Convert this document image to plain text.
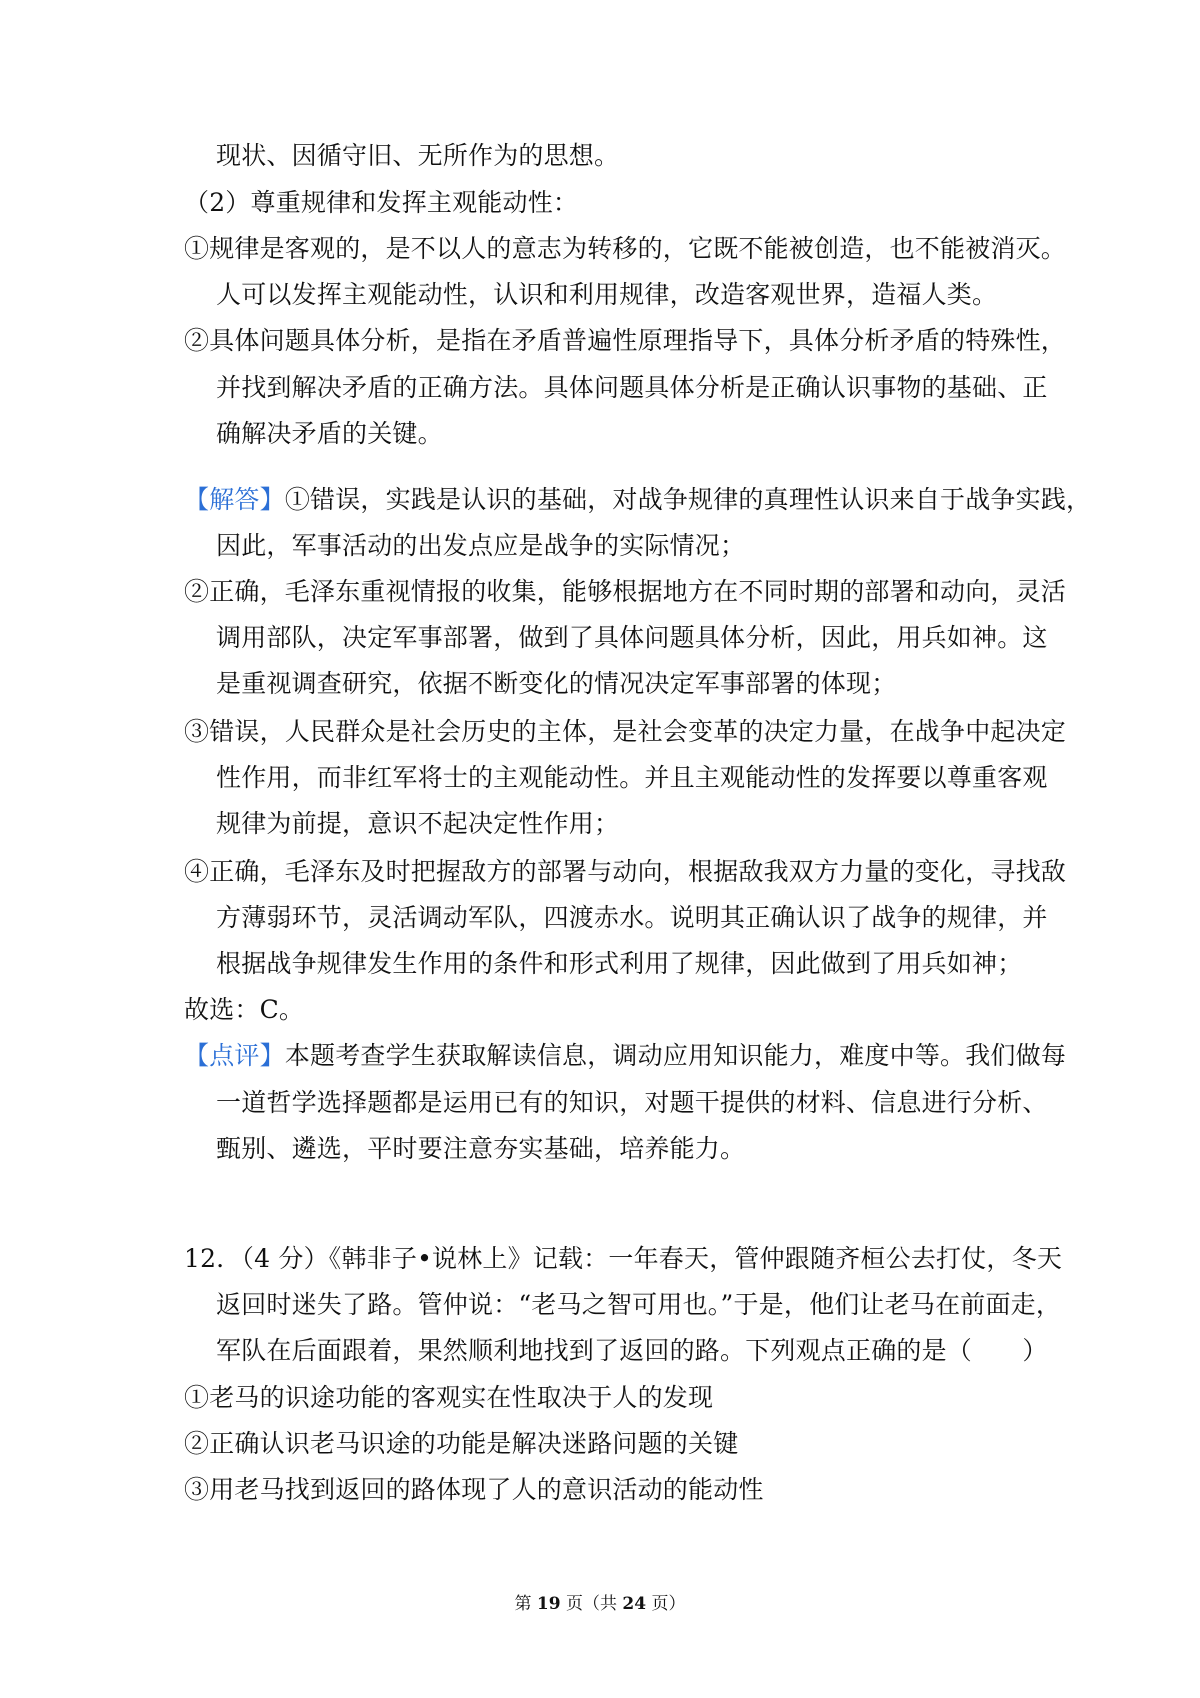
现状、因循守旧、无所作为的思想。
（2）尊重规律和发挥主观能动性：
①规律是客观的，是不以人的意志为转移的，它既不能被创造，也不能被消灭。
人可以发挥主观能动性，认识和利用规律，改造客观世界，造福人类。
②具体问题具体分析，是指在矛盾普遍性原理指导下，具体分析矛盾的特殊性，
并找到解决矛盾的正确方法。具体问题具体分析是正确认识事物的基础、正
确解决矛盾的关键。
【解答】①错误，实践是认识的基础，对战争规律的真理性认识来自于战争实践，
因此，军事活动的出发点应是战争的实际情况；
②正确，毛泽东重视情报的收集，能够根据地方在不同时期的部署和动向，灵活
调用部队，决定军事部署，做到了具体问题具体分析，因此，用兵如神。这
是重视调查研究，依据不断变化的情况决定军事部署的体现；
③错误，人民群众是社会历史的主体，是社会变革的决定力量，在战争中起决定
性作用，而非红军将士的主观能动性。并且主观能动性的发挥要以尊重客观
规律为前提，意识不起决定性作用；
④正确，毛泽东及时把握敌方的部署与动向，根据敌我双方力量的变化，寻找敌
方薄弱环节，灵活调动军队，四渡赤水。说明其正确认识了战争的规律，并
根据战争规律发生作用的条件和形式利用了规律，因此做到了用兵如神；
故选：C。
【点评】本题考查学生获取解读信息，调动应用知识能力，难度中等。我们做每
一道哲学选择题都是运用已有的知识，对题干提供的材料、信息进行分析、
甄别、遴选，平时要注意夯实基础，培养能力。
12．（4 分）《韩非子•说林上》记载：一年春天，管仲跟随齐桓公去打仗，冬天
返回时迷失了路。管仲说：“老马之智可用也。”于是，他们让老马在前面走，
军队在后面跟着，果然顺利地找到了返回的路。下列观点正确的是（　　）
①老马的识途功能的客观实在性取决于人的发现
②正确认识老马识途的功能是解决迷路问题的关键
③用老马找到返回的路体现了人的意识活动的能动性
第 19 页（共 24 页）
